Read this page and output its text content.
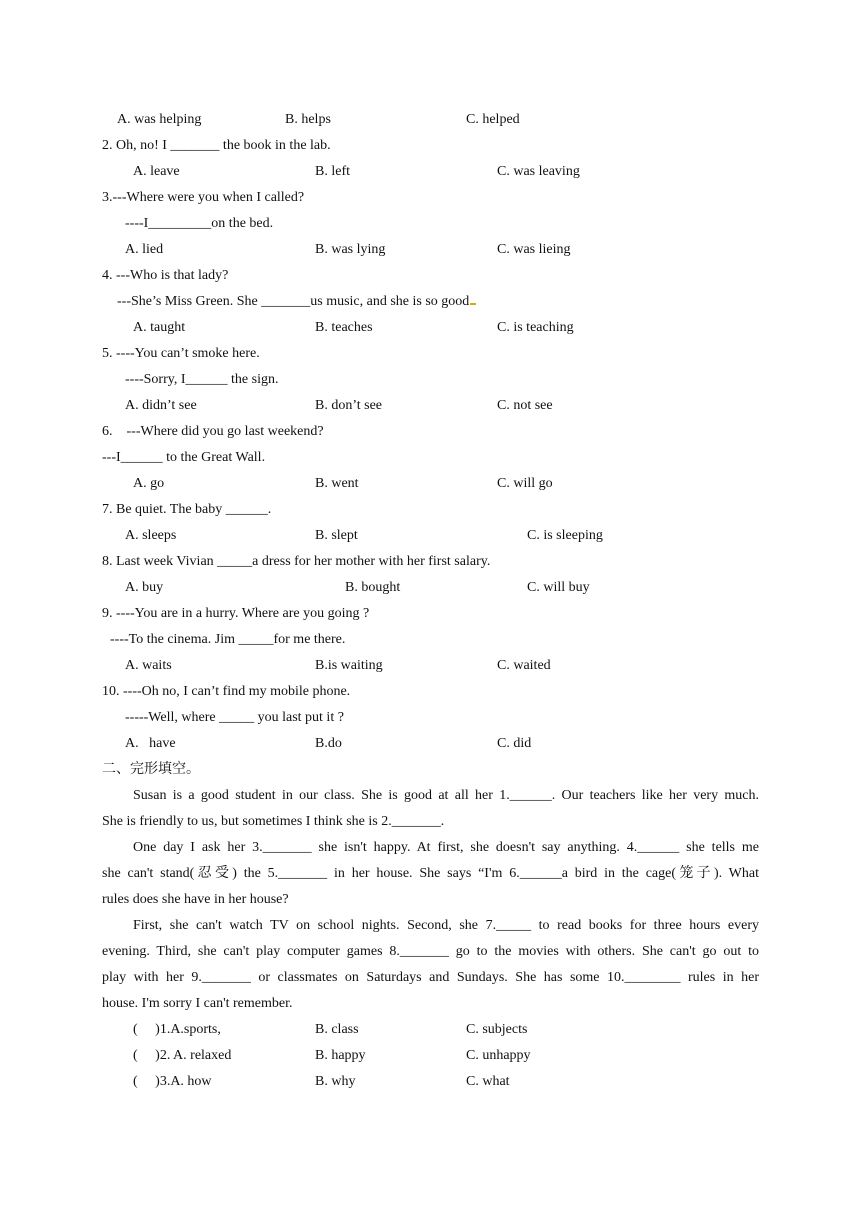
A. was helping	B. helps	C. helped
2. Oh, no! I _______ the book in the lab.
A. leave	B. left	C. was leaving
3.---Where were you when I called?
----I_________on the bed.
A. lied	B. was lying	C. was lieing
4. ---Who is that lady?
---She’s Miss Green. She _______us music, and she is so good
A. taught	B. teaches	C. is teaching
5. ----You can’t smoke here.
----Sorry, I______ the sign.
A. didn’t see	B. don’t see	C. not see
6.    ---Where did you go last weekend?
---I______ to the Great Wall.
A. go	B. went	C. will go
7. Be quiet. The baby ______.
A. sleeps	B. slept	C. is sleeping
8. Last week Vivian _____a dress for her mother with her first salary.
A. buy	B. bought	C. will buy
9. ----You are in a hurry. Where are you going ?
----To the cinema. Jim _____for me there.
A. waits	B.is waiting	C. waited
10. ----Oh no, I can’t find my mobile phone.
-----Well, where _____ you last put it ?
A.   have	B.do	C. did
二、完形填空。
Susan is a good student in our class. She is good at all her 1.______. Our teachers like her very much.
She is friendly to us, but sometimes I think she is 2._______.
One day I ask her 3._______ she isn't happy. At first, she doesn't say anything. 4.______ she tells me
she can't stand(忍受) the 5._______ in her house. She says “I'm 6.______a bird in the cage(笼子). What
rules does she have in her house?
First, she can't watch TV on school nights. Second, she 7._____ to read books for three hours every
evening. Third, she can't play computer games 8._______ go to the movies with others. She can't go out to
play with her 9._______ or classmates on Saturdays and Sundays. She has some 10.________ rules in her
house. I'm sorry I can't remember.
(     )1.A.sports,	B. class	C. subjects
(     )2. A. relaxed	B. happy	C. unhappy
(     )3.A. how	B. why	C. what
